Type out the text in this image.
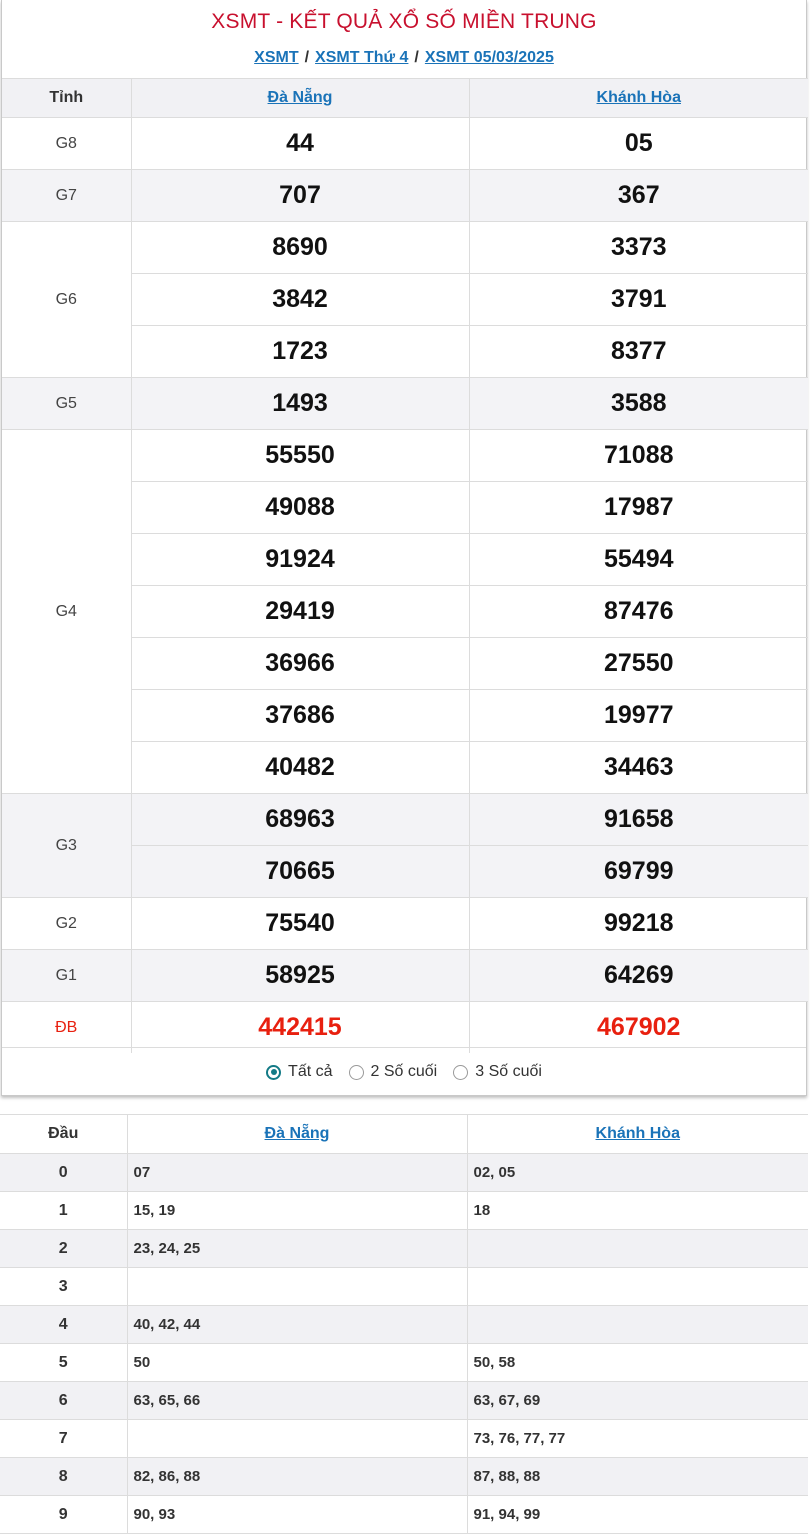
XSMT - KẾT QUẢ XỔ SỐ MIỀN TRUNG
XSMT / XSMT Thứ 4 / XSMT 05/03/2025
Tỉnh	Đà Nẵng	Khánh Hòa
G8	44	05
G7	707	367
G6	8690	3373
	3842	3791
	1723	8377
G5	1493	3588
G4	55550	71088
	49088	17987
	91924	55494
	29419	87476
	36966	27550
	37686	19977
	40482	34463
G3	68963	91658
	70665	69799
G2	75540	99218
G1	58925	64269
ĐB	442415	467902
Tất cả 2 Số cuối 3 Số cuối
Đầu	Đà Nẵng	Khánh Hòa
0	07	02, 05
1	15, 19	18
2	23, 24, 25	
3		
4	40, 42, 44	
5	50	50, 58
6	63, 65, 66	63, 67, 69
7		73, 76, 77, 77
8	82, 86, 88	87, 88, 88
9	90, 93	91, 94, 99
